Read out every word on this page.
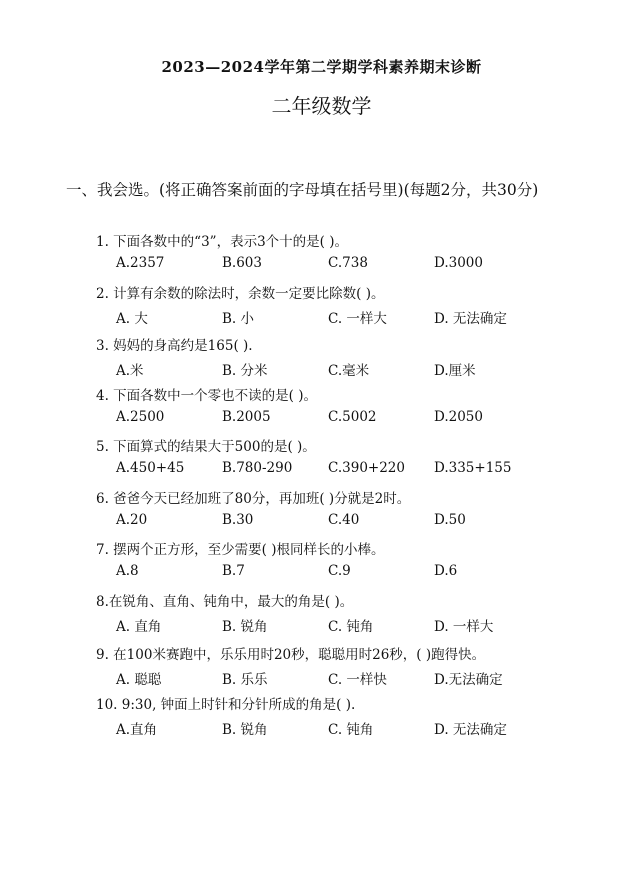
2023—2024学年第二学期学科素养期末诊断
二年级数学
一、我会选。(将正确答案前面的字母填在括号里)(每题2分，共30分)
1. 下面各数中的“3”，表示3个十的是( )。
A.2357	B.603	C.738	D.3000
2. 计算有余数的除法时，余数一定要比除数( )。
A. 大	B. 小	C. 一样大	D. 无法确定
3. 妈妈的身高约是165( ).
A.米	B. 分米	C.毫米	D.厘米
4. 下面各数中一个零也不读的是( )。
A.2500	B.2005	C.5002	D.2050
5. 下面算式的结果大于500的是( )。
A.450+45	B.780-290	C.390+220 D.335+155
6. 爸爸今天已经加班了80分，再加班( )分就是2时。
A.20	B.30	C.40	D.50
7. 摆两个正方形，至少需要( )根同样长的小棒。
A.8	B.7	C.9	D.6
8.在锐角、直角、钝角中，最大的角是( )。
A. 直角	B. 锐角	C. 钝角	D. 一样大
9. 在100米赛跑中，乐乐用时20秒，聪聪用时26秒，( )跑得快。
A. 聪聪	B. 乐乐	C. 一样快	D.无法确定
10. 9:30, 钟面上时针和分针所成的角是( ).
A.直角	B. 锐角	C. 钝角	D. 无法确定
